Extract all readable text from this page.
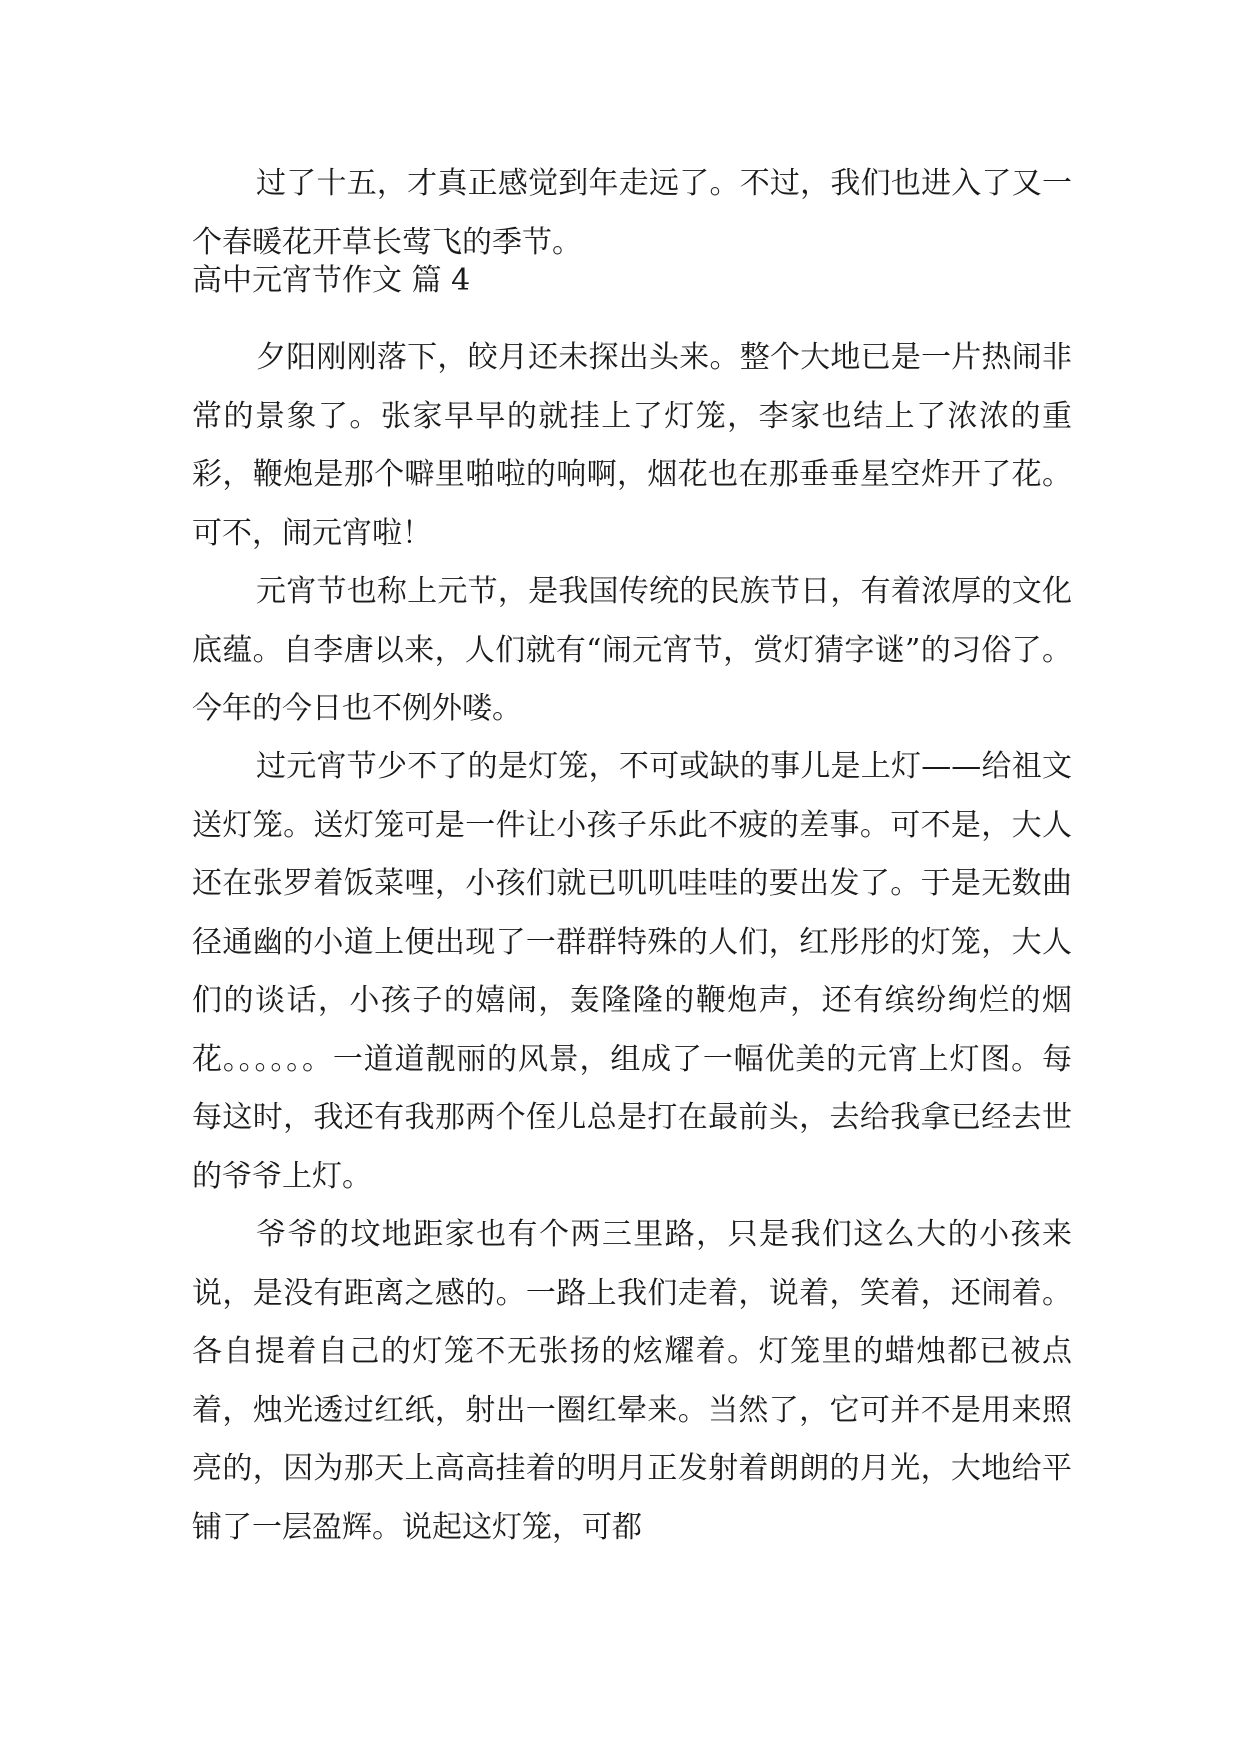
过了十五，才真正感觉到年走远了。不过，我们也进入了又一个春暖花开草长莺飞的季节。

高中元宵节作文 篇 4

夕阳刚刚落下，皎月还未探出头来。整个大地已是一片热闹非常的景象了。张家早早的就挂上了灯笼，李家也结上了浓浓的重彩，鞭炮是那个噼里啪啦的响啊，烟花也在那垂垂星空炸开了花。可不，闹元宵啦！

元宵节也称上元节，是我国传统的民族节日，有着浓厚的文化底蕴。自李唐以来，人们就有“闹元宵节，赏灯猜字谜”的习俗了。今年的今日也不例外喽。

过元宵节少不了的是灯笼，不可或缺的事儿是上灯——给祖文送灯笼。送灯笼可是一件让小孩子乐此不疲的差事。可不是，大人还在张罗着饭菜哩，小孩们就已叽叽哇哇的要出发了。于是无数曲径通幽的小道上便出现了一群群特殊的人们，红彤彤的灯笼，大人们的谈话，小孩子的嬉闹，轰隆隆的鞭炮声，还有缤纷绚烂的烟花。。。。。。一道道靓丽的风景，组成了一幅优美的元宵上灯图。每每这时，我还有我那两个侄儿总是打在最前头，去给我拿已经去世的爷爷上灯。

爷爷的坟地距家也有个两三里路，只是我们这么大的小孩来说，是没有距离之感的。一路上我们走着，说着，笑着，还闹着。各自提着自己的灯笼不无张扬的炫耀着。灯笼里的蜡烛都已被点着，烛光透过红纸，射出一圈红晕来。当然了，它可并不是用来照亮的，因为那天上高高挂着的明月正发射着朗朗的月光，大地给平铺了一层盈辉。说起这灯笼，可都
